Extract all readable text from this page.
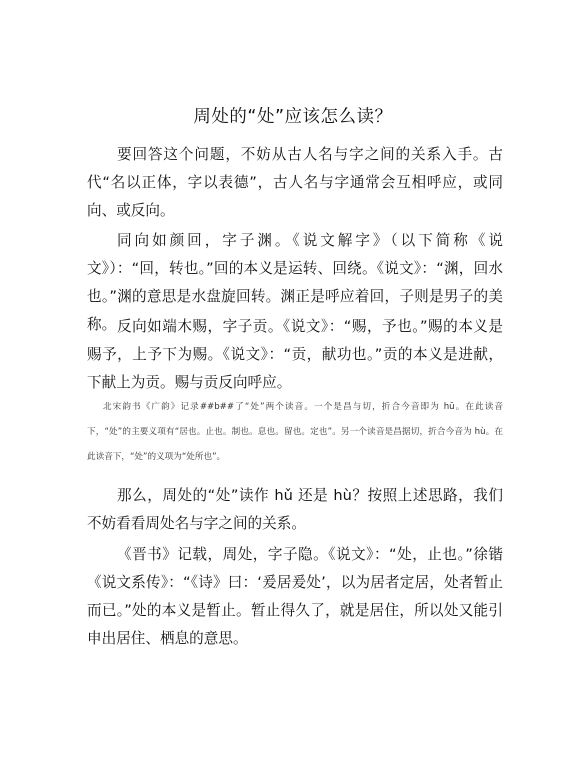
周处的“处”应该怎么读？
要回答这个问题，不妨从古人名与字之间的关系入手。古代“名以正体，字以表德”，古人名与字通常会互相呼应，或同向、或反向。
同向如颜回，字子渊。《说文解字》（以下简称《说文》）：“回，转也。”回的本义是运转、回绕。《说文》：“渊，回水也。”渊的意思是水盘旋回转。渊正是呼应着回，子则是男子的美称。 反向如端木赐，字子贡。《说文》：“赐，予也。”赐的本义是赐予，上予下为赐。《说文》：“贡，献功也。”贡的本义是进献，下献上为贡。赐与贡反向呼应。
北宋韵书《广韵》记录##b##了“处”两个读音。一个是昌与切，折合今音即为 hū。在此读音下，“处”的主要义项有“居也。止也。制也。息也。留也。定也”。另一个读音是昌据切，折合今音为 hù。在此读音下，“处”的义项为“处所也”。
那么，周处的“处”读作 hǔ 还是 hù？按照上述思路，我们不妨看看周处名与字之间的关系。
《晋书》记载，周处，字子隐。《说文》：“处，止也。”徐锴《说文系传》：“《诗》曰：‘爰居爰处’，以为居者定居，处者暂止而已。”处的本义是暂止。暂止得久了，就是居住，所以处又能引申出居住、栖息的意思。
